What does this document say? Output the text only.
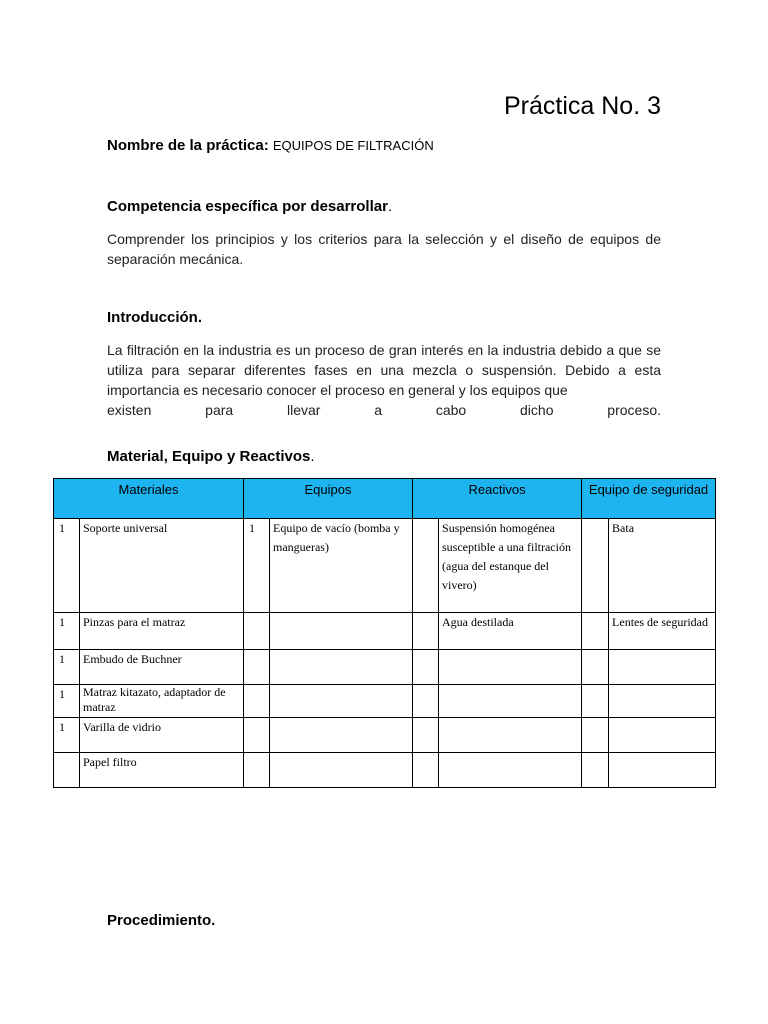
Práctica No. 3
Nombre de la práctica: EQUIPOS DE FILTRACIÓN
Competencia específica por desarrollar.
Comprender los principios y los criterios para la selección y el diseño de equipos de separación mecánica.
Introducción.
La filtración en la industria es un proceso de gran interés en la industria debido a que se utiliza para separar diferentes fases en una mezcla o suspensión. Debido a esta importancia es necesario conocer el proceso en general y los equipos que
existen para llevar a cabo dicho proceso.
Material, Equipo y Reactivos.
Materiales		Equipos		Reactivos		Equipo de seguridad	
1	Soporte universal	1	Equipo de vacío (bomba y mangueras)		Suspensión homogénea susceptible a una filtración (agua del estanque del vivero)		Bata
1	Pinzas para el matraz				Agua destilada		Lentes de seguridad
1	Embudo de Buchner						
1	Matraz kitazato, adaptador de matraz						
1	Varilla de vidrio						
	Papel filtro						
Procedimiento.
